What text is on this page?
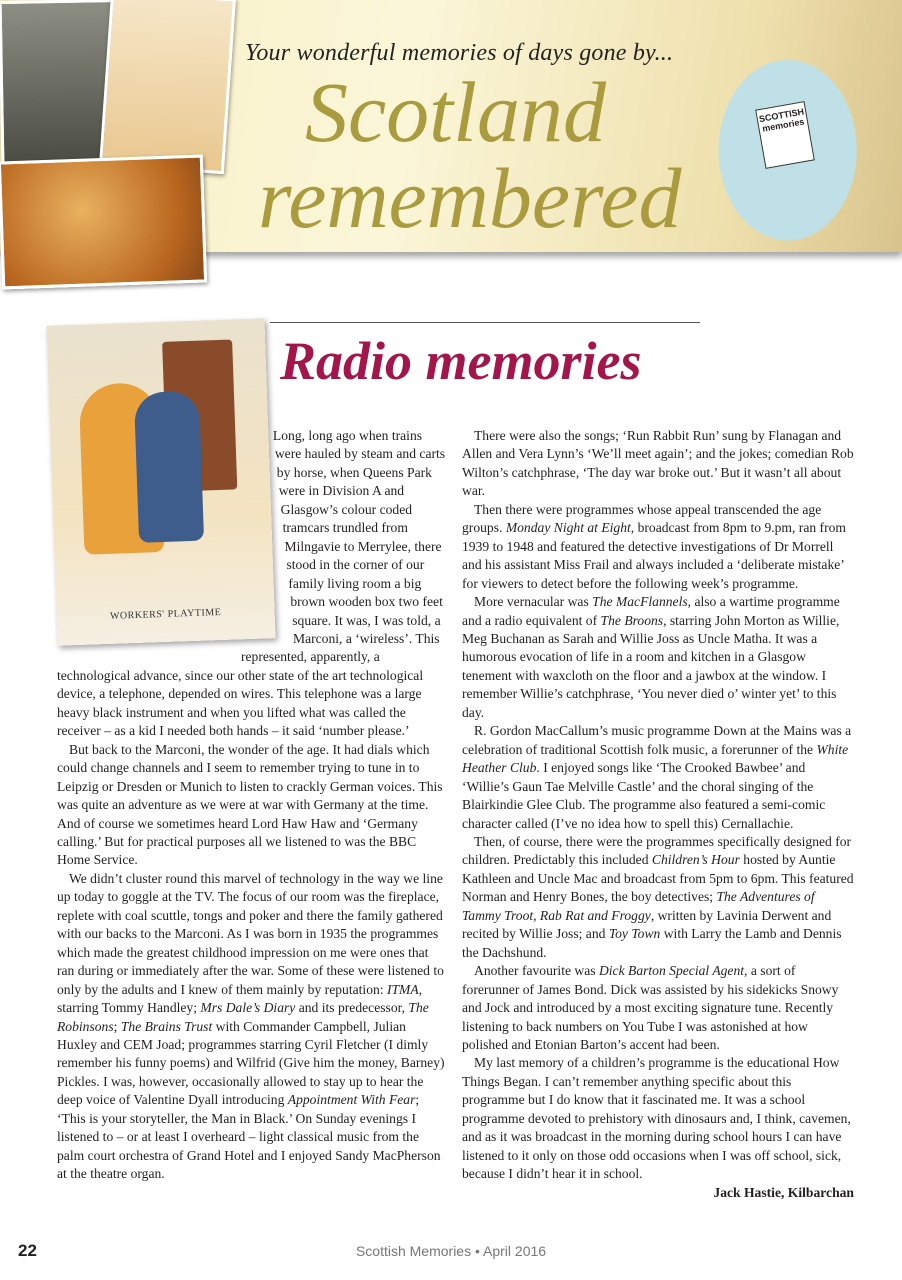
SCOTTISH memories
Your wonderful memories of days gone by...
Scotland
remembered
WORKERS' PLAYTIME
Radio memories

Long, long ago when trains were hauled by steam and carts by horse, when Queens Park were in Division A and Glasgow’s colour coded tramcars trundled from Milngavie to Merrylee, there stood in the corner of our family living room a big brown wooden box two feet square. It was, I was told, a Marconi, a ‘wireless’. This represented, apparently, a technological advance, since our other state of the art technological device, a telephone, depended on wires. This telephone was a large heavy black instrument and when you lifted what was called the receiver – as a kid I needed both hands – it said ‘number please.’

But back to the Marconi, the wonder of the age. It had dials which could change channels and I seem to remember trying to tune in to Leipzig or Dresden or Munich to listen to crackly German voices. This was quite an adventure as we were at war with Germany at the time. And of course we sometimes heard Lord Haw Haw and ‘Germany calling.’ But for practical purposes all we listened to was the BBC Home Service.

We didn’t cluster round this marvel of technology in the way we line up today to goggle at the TV. The focus of our room was the fireplace, replete with coal scuttle, tongs and poker and there the family gathered with our backs to the Marconi. As I was born in 1935 the programmes which made the greatest childhood impression on me were ones that ran during or immediately after the war. Some of these were listened to only by the adults and I knew of them mainly by reputation: ITMA, starring Tommy Handley; Mrs Dale’s Diary and its predecessor, The Robinsons; The Brains Trust with Commander Campbell, Julian Huxley and CEM Joad; programmes starring Cyril Fletcher (I dimly remember his funny poems) and Wilfrid (Give him the money, Barney) Pickles. I was, however, occasionally allowed to stay up to hear the deep voice of Valentine Dyall introducing Appointment With Fear; ‘This is your storyteller, the Man in Black.’ On Sunday evenings I listened to – or at least I overheard – light classical music from the palm court orchestra of Grand Hotel and I enjoyed Sandy MacPherson at the theatre organ.

There were also the songs; ‘Run Rabbit Run’ sung by Flanagan and Allen and Vera Lynn’s ‘We’ll meet again’; and the jokes; comedian Rob Wilton’s catchphrase, ‘The day war broke out.’ But it wasn’t all about war.

Then there were programmes whose appeal transcended the age groups. Monday Night at Eight, broadcast from 8pm to 9.pm, ran from 1939 to 1948 and featured the detective investigations of Dr Morrell and his assistant Miss Frail and always included a ‘deliberate mistake’ for viewers to detect before the following week’s programme.

More vernacular was The MacFlannels, also a wartime programme and a radio equivalent of The Broons, starring John Morton as Willie, Meg Buchanan as Sarah and Willie Joss as Uncle Matha. It was a humorous evocation of life in a room and kitchen in a Glasgow tenement with waxcloth on the floor and a jawbox at the window. I remember Willie’s catchphrase, ‘You never died o’ winter yet’ to this day.

R. Gordon MacCallum’s music programme Down at the Mains was a celebration of traditional Scottish folk music, a forerunner of the White Heather Club. I enjoyed songs like ‘The Crooked Bawbee’ and ‘Willie’s Gaun Tae Melville Castle’ and the choral singing of the Blairkindie Glee Club. The programme also featured a semi-comic character called (I’ve no idea how to spell this) Cernallachie.

Then, of course, there were the programmes specifically designed for children. Predictably this included Children’s Hour hosted by Auntie Kathleen and Uncle Mac and broadcast from 5pm to 6pm. This featured Norman and Henry Bones, the boy detectives; The Adventures of Tammy Troot, Rab Rat and Froggy, written by Lavinia Derwent and recited by Willie Joss; and Toy Town with Larry the Lamb and Dennis the Dachshund.

Another favourite was Dick Barton Special Agent, a sort of forerunner of James Bond. Dick was assisted by his sidekicks Snowy and Jock and introduced by a most exciting signature tune. Recently listening to back numbers on You Tube I was astonished at how polished and Etonian Barton’s accent had been.

My last memory of a children’s programme is the educational How Things Began. I can’t remember anything specific about this programme but I do know that it fascinated me. It was a school programme devoted to prehistory with dinosaurs and, I think, cavemen, and as it was broadcast in the morning during school hours I can have listened to it only on those odd occasions when I was off school, sick, because I didn’t hear it in school.

Jack Hastie, Kilbarchan

22	Scottish Memories • April 2016
